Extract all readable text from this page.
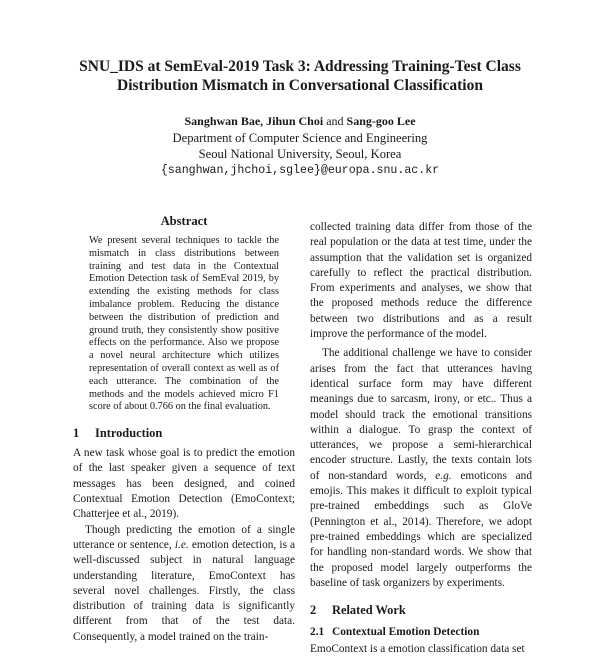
SNU_IDS at SemEval-2019 Task 3: Addressing Training-Test Class
Distribution Mismatch in Conversational Classification
Sanghwan Bae, Jihun Choi and Sang-goo Lee
Department of Computer Science and Engineering
Seoul National University, Seoul, Korea
{sanghwan,jhchoi,sglee}@europa.snu.ac.kr
Abstract

We present several techniques to tackle the mismatch in class distributions between training and test data in the Contextual Emotion Detection task of SemEval 2019, by extending the existing methods for class imbalance problem. Reducing the distance between the distribution of prediction and ground truth, they consistently show positive effects on the performance. Also we propose a novel neural architecture which utilizes representation of overall context as well as of each utterance. The combination of the methods and the models achieved micro F1 score of about 0.766 on the final evaluation.

1 Introduction

A new task whose goal is to predict the emotion of the last speaker given a sequence of text messages has been designed, and coined Contextual Emotion Detection (EmoContext; Chatterjee et al., 2019).

Though predicting the emotion of a single utterance or sentence, i.e. emotion detection, is a well-discussed subject in natural language understanding literature, EmoContext has several novel challenges. Firstly, the class distribution of training data is significantly different from that of the test data. Consequently, a model trained on the train-

collected training data differ from those of the real population or the data at test time, under the assumption that the validation set is organized carefully to reflect the practical distribution. From experiments and analyses, we show that the proposed methods reduce the difference between two distributions and as a result improve the performance of the model.

The additional challenge we have to consider arises from the fact that utterances having identical surface form may have different meanings due to sarcasm, irony, or etc.. Thus a model should track the emotional transitions within a dialogue. To grasp the context of utterances, we propose a semi-hierarchical encoder structure. Lastly, the texts contain lots of non-standard words, e.g. emoticons and emojis. This makes it difficult to exploit typical pre-trained embeddings such as GloVe (Pennington et al., 2014). Therefore, we adopt pre-trained embeddings which are specialized for handling non-standard words. We show that the proposed model largely outperforms the baseline of task organizers by experiments.

2 Related Work
2.1 Contextual Emotion Detection

EmoContext is a emotion classification data set
